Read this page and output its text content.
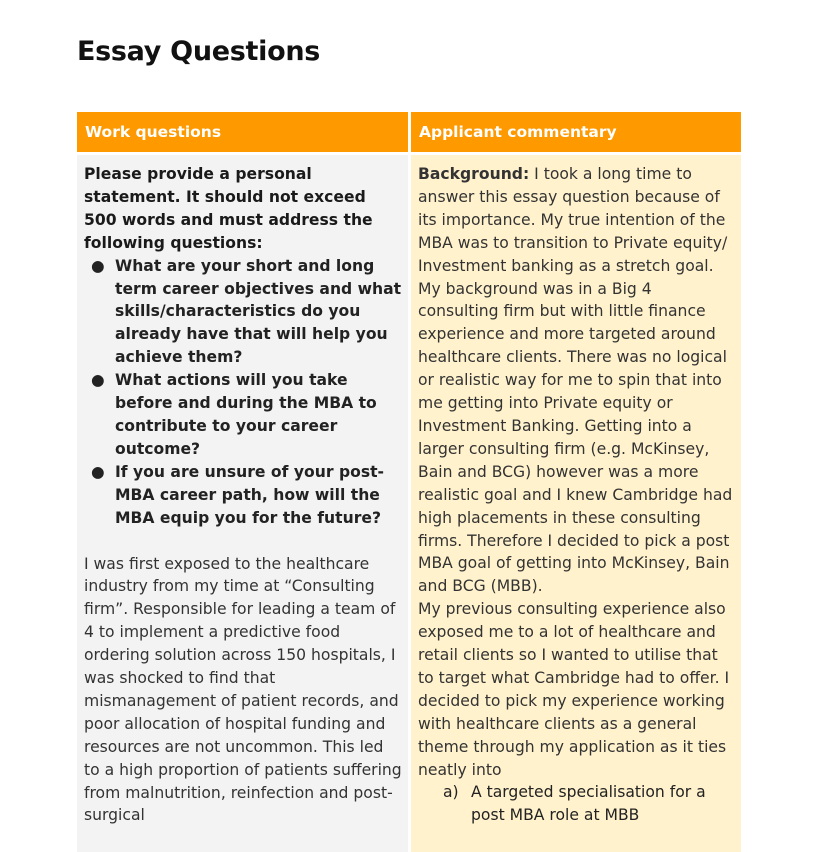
Essay Questions
Work questions	Applicant commentary
Please provide a personal statement. It should not exceed 500 words and must address the following questions:
● What are your short and long term career objectives and what skills/characteristics do you already have that will help you achieve them?
● What actions will you take before and during the MBA to contribute to your career outcome?
● If you are unsure of your post-MBA career path, how will the MBA equip you for the future?
I was first exposed to the healthcare industry from my time at “Consulting firm”. Responsible for leading a team of 4 to implement a predictive food ordering solution across 150 hospitals, I was shocked to find that mismanagement of patient records, and poor allocation of hospital funding and resources are not uncommon. This led to a high proportion of patients suffering from malnutrition, reinfection and post-surgical
Background: I took a long time to answer this essay question because of its importance. My true intention of the MBA was to transition to Private equity/ Investment banking as a stretch goal. My background was in a Big 4 consulting firm but with little finance experience and more targeted around healthcare clients. There was no logical or realistic way for me to spin that into me getting into Private equity or Investment Banking. Getting into a larger consulting firm (e.g. McKinsey, Bain and BCG) however was a more realistic goal and I knew Cambridge had high placements in these consulting firms. Therefore I decided to pick a post MBA goal of getting into McKinsey, Bain and BCG (MBB).
My previous consulting experience also exposed me to a lot of healthcare and retail clients so I wanted to utilise that to target what Cambridge had to offer. I decided to pick my experience working with healthcare clients as a general theme through my application as it ties neatly into
a) A targeted specialisation for a post MBA role at MBB
